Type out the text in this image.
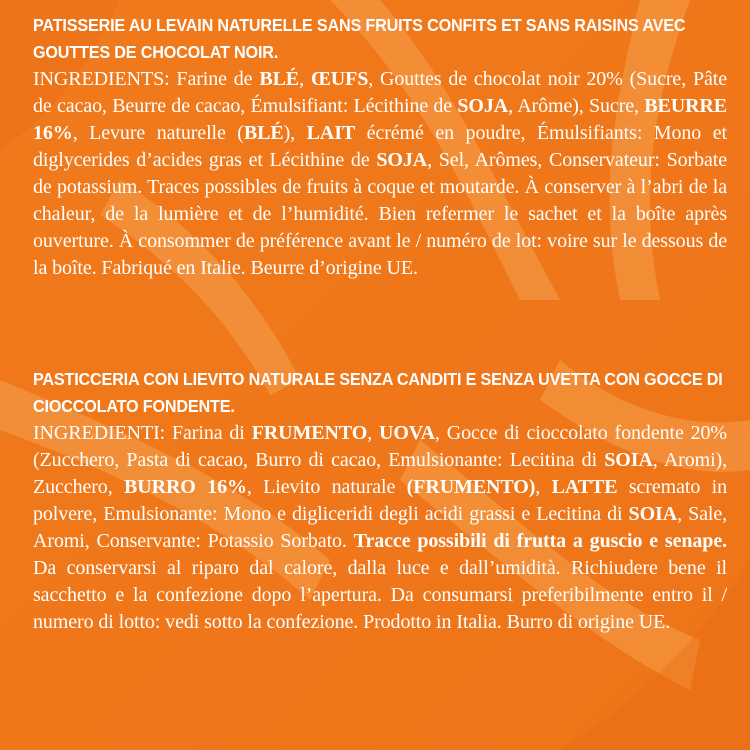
PATISSERIE AU LEVAIN NATURELLE SANS FRUITS CONFITS ET SANS RAISINS AVEC GOUTTES DE CHOCOLAT NOIR.
INGREDIENTS: Farine de BLÉ, ŒUFS, Gouttes de chocolat noir 20% (Sucre, Pâte de cacao, Beurre de cacao, Émulsifiant: Lécithine de SOJA, Arôme), Sucre, BEURRE 16%, Levure naturelle (BLÉ), LAIT écrémé en poudre, Émulsifiants: Mono et diglycerides d’acides gras et Lécithine de SOJA, Sel, Arômes, Conservateur: Sorbate de potassium. Traces possibles de fruits à coque et moutarde. À conserver à l’abri de la chaleur, de la lumière et de l’humidité. Bien refermer le sachet et la boîte après ouverture. À consommer de préférence avant le / numéro de lot: voire sur le dessous de la boîte. Fabriqué en Italie. Beurre d’origine UE.
PASTICCERIA CON LIEVITO NATURALE SENZA CANDITI E SENZA UVETTA CON GOCCE DI CIOCCOLATO FONDENTE.
INGREDIENTI: Farina di FRUMENTO, UOVA, Gocce di cioccolato fondente 20% (Zucchero, Pasta di cacao, Burro di cacao, Emulsionante: Lecitina di SOIA, Aromi), Zucchero, BURRO 16%, Lievito naturale (FRUMENTO), LATTE scremato in polvere, Emulsionante: Mono e digliceridi degli acidi grassi e Lecitina di SOIA, Sale, Aromi, Conservante: Potassio Sorbato. Tracce possibili di frutta a guscio e senape. Da conservarsi al riparo dal calore, dalla luce e dall’umidità. Richiudere bene il sacchetto e la confezione dopo l’apertura. Da consumarsi preferibilmente entro il / numero di lotto: vedi sotto la confezione. Prodotto in Italia. Burro di origine UE.
